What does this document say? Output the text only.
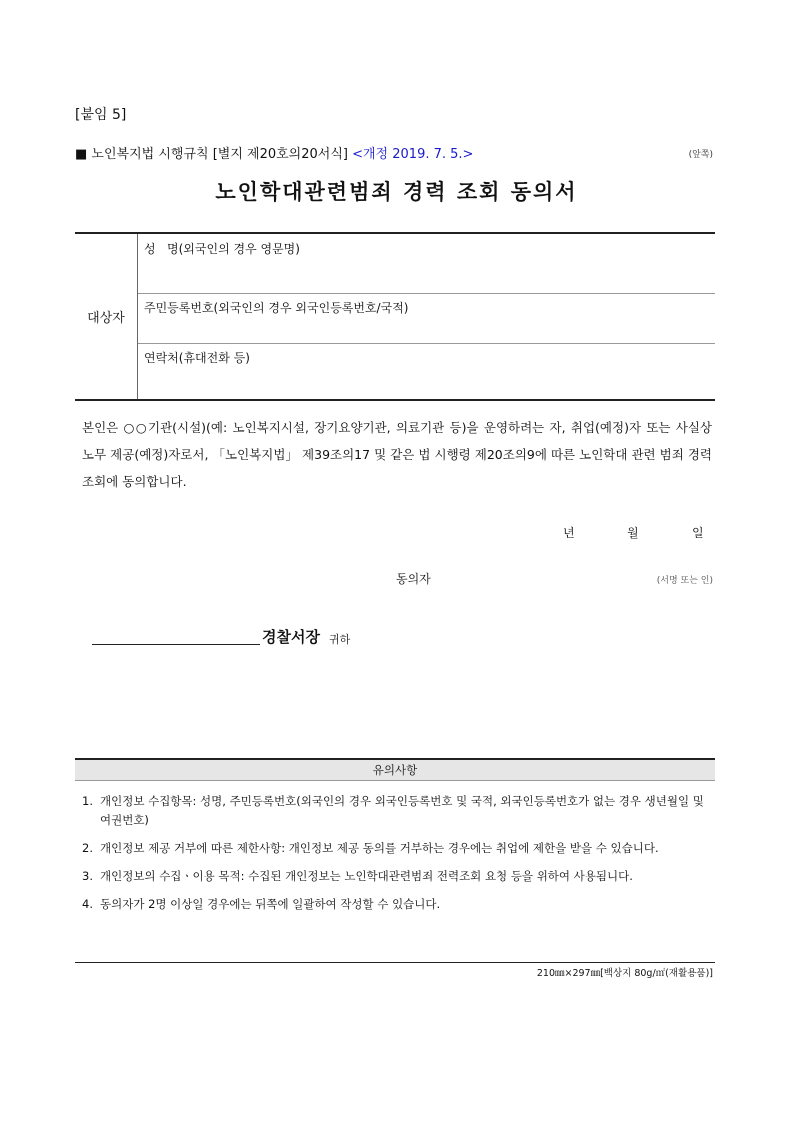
[붙임 5]
■ 노인복지법 시행규칙 [별지 제20호의20서식] <개정 2019. 7. 5.>	(앞쪽)
노인학대관련범죄 경력 조회 동의서
대상자
성   명(외국인의 경우 영문명)
주민등록번호(외국인의 경우 외국인등록번호/국적)
연락처(휴대전화 등)
본인은 ○○기관(시설)(예: 노인복지시설, 장기요양기관, 의료기관 등)을 운영하려는 자, 취업(예정)자 또는 사실상 노무 제공(예정)자로서, 「노인복지법」 제39조의17 및 같은 법 시행령 제20조의9에 따른 노인학대 관련 범죄 경력 조회에 동의합니다.
년	월	일
동의자	(서명 또는 인)
경찰서장 귀하
유의사항
1. 개인정보 수집항목: 성명, 주민등록번호(외국인의 경우 외국인등록번호 및 국적, 외국인등록번호가 없는 경우 생년월일 및 여권번호)
2. 개인정보 제공 거부에 따른 제한사항: 개인정보 제공 동의를 거부하는 경우에는 취업에 제한을 받을 수 있습니다.
3. 개인정보의 수집ㆍ이용 목적: 수집된 개인정보는 노인학대관련범죄 전력조회 요청 등을 위하여 사용됨니다.
4. 동의자가 2명 이상일 경우에는 뒤쪽에 일괄하여 작성할 수 있습니다.
210㎜×297㎜[백상지 80g/㎡(재활용품)]
